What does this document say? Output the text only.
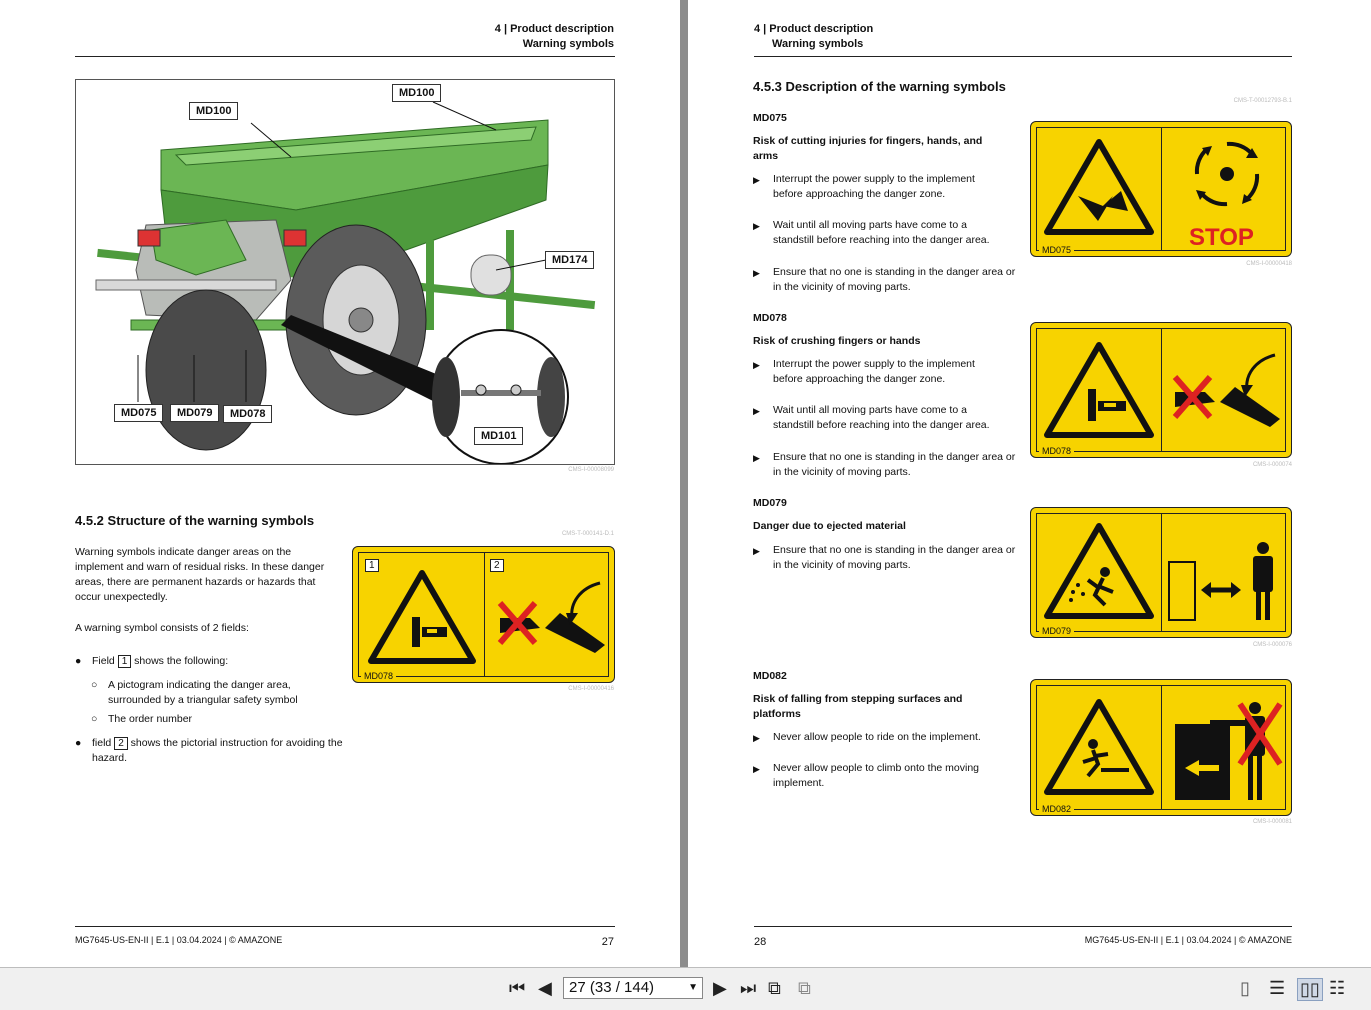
4 | Product description
Warning symbols
MD100
MD100
MD174
MD075	MD079	MD078
MD101
CMS-I-00008099
4.5.2 Structure of the warning symbols
CMS-T-000141-D.1
Warning symbols indicate danger areas on the implement and warn of residual risks. In these danger areas, there are permanent hazards or hazards that occur unexpectedly.
A warning symbol consists of 2 fields:
● Field 1 shows the following:
○ A pictogram indicating the danger area, surrounded by a triangular safety symbol
○ The order number
● field 2 shows the pictorial instruction for avoiding the hazard.
1	2
MD078
CMS-I-00000416
MG7645-US-EN-II | E.1 | 03.04.2024 | © AMAZONE	27
4 | Product description
Warning symbols
4.5.3 Description of the warning symbols
CMS-T-00012793-B.1
MD075
Risk of cutting injuries for fingers, hands, and arms
▶ Interrupt the power supply to the implement before approaching the danger zone.
▶ Wait until all moving parts have come to a standstill before reaching into the danger area.
▶ Ensure that no one is standing in the danger area or in the vicinity of moving parts.
STOP
MD075
CMS-I-00000418
MD078
Risk of crushing fingers or hands
▶ Interrupt the power supply to the implement before approaching the danger zone.
▶ Wait until all moving parts have come to a standstill before reaching into the danger area.
▶ Ensure that no one is standing in the danger area or in the vicinity of moving parts.
MD078
CMS-I-000074
MD079
Danger due to ejected material
▶ Ensure that no one is standing in the danger area or in the vicinity of moving parts.
MD079
CMS-I-000076
MD082
Risk of falling from stepping surfaces and platforms
▶ Never allow people to ride on the implement.
▶ Never allow people to climb onto the moving implement.
MD082
CMS-I-000081
28	MG7645-US-EN-II | E.1 | 03.04.2024 | © AMAZONE
⏮ ◀	27 (33 / 144)	▼ ▶ ⏭ ⧉ ⧉	▯ ☰ ▯▯ ☷
